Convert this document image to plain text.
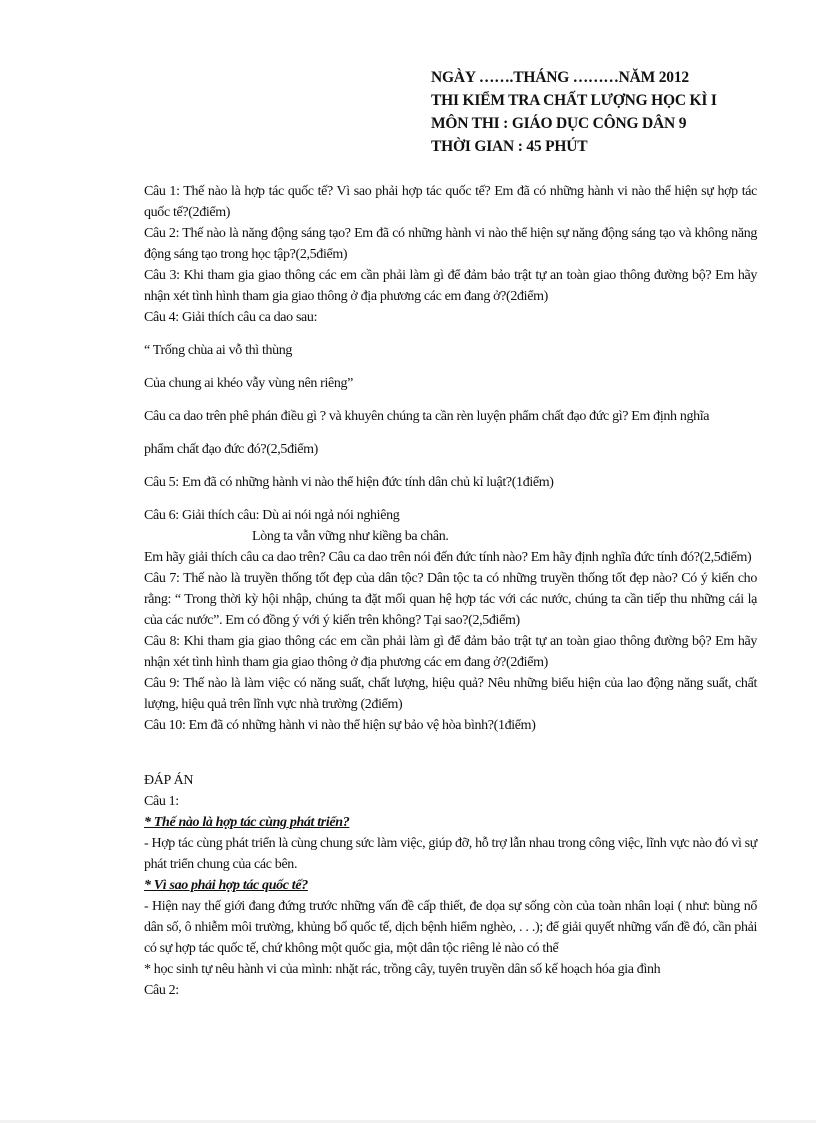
NGÀY …….THÁNG ………NĂM 2012
THI KIỂM TRA CHẤT LƯỢNG HỌC KÌ I
MÔN THI : GIÁO DỤC CÔNG DÂN 9
THỜI GIAN : 45 PHÚT

Câu 1: Thế nào là hợp tác quốc tế? Vì sao phải hợp tác quốc tế? Em đã có những hành vi nào thể hiện sự hợp tác quốc tế?(2điểm)

Câu 2: Thế nào là năng động sáng tạo? Em đã có những hành vi nào thể hiện sự năng động sáng tạo và không năng động sáng tạo trong học tập?(2,5điểm)

Câu 3: Khi tham gia giao thông các em cần phải làm gì để đảm bảo trật tự an toàn giao thông đường bộ? Em hãy nhận xét tình hình tham gia giao thông ở địa phương các em đang ở?(2điểm)

Câu 4: Giải thích câu ca dao sau:

“ Trống chùa ai vỗ thì thùng

Của chung ai khéo vẫy vùng nên riêng”

Câu ca dao trên phê phán điều gì ? và khuyên chúng ta cần rèn luyện phẩm chất đạo đức gì? Em định nghĩa

phẩm chất đạo đức đó?(2,5điểm)

Câu 5: Em đã có những hành vi nào thể hiện đức tính dân chủ kỉ luật?(1điểm)

Câu 6: Giải thích câu: Dù ai nói ngả nói nghiêng

Lòng ta vẫn vững như kiềng ba chân.

Em hãy giải thích câu ca dao trên? Câu ca dao trên nói đến đức tính nào? Em hãy định nghĩa đức tính đó?(2,5điểm)

Câu 7: Thế nào là truyền thống tốt đẹp của dân tộc? Dân tộc ta có những truyền thống tốt đẹp nào? Có ý kiến cho rằng: “ Trong thời kỳ hội nhập, chúng ta đặt mối quan hệ hợp tác với các nước, chúng ta cần tiếp thu những cái lạ của các nước”. Em có đồng ý với ý kiến trên không? Tại sao?(2,5điểm)

Câu 8: Khi tham gia giao thông các em cần phải làm gì để đảm bảo trật tự an toàn giao thông đường bộ? Em hãy nhận xét tình hình tham gia giao thông ở địa phương các em đang ở?(2điểm)

Câu 9: Thế nào là làm việc có năng suất, chất lượng, hiệu quả? Nêu những biểu hiện của lao động năng suất, chất lượng, hiệu quả trên lĩnh vực nhà trường (2điểm)

Câu 10: Em đã có những hành vi nào thể hiện sự bảo vệ hòa bình?(1điểm)

ĐÁP ÁN

Câu 1:

* Thế nào là hợp tác cùng phát triển?

- Hợp tác cùng phát triển là cùng chung sức làm việc, giúp đỡ, hỗ trợ lẫn nhau trong công việc, lĩnh vực nào đó vì sự phát triển chung của các bên.

* Vì sao phải hợp tác quốc tế?

- Hiện nay thế giới đang đứng trước những vấn đề cấp thiết, đe dọa sự sống còn của toàn nhân loại ( như: bùng nổ dân số, ô nhiễm môi trường, khủng bố quốc tế, dịch bệnh hiểm nghèo, . . .); để giải quyết những vấn đề đó, cần phải có sự hợp tác quốc tế, chứ không một quốc gia, một dân tộc riêng lẻ nào có thể

* học sinh tự nêu hành vi của mình: nhặt rác, trồng cây, tuyên truyền dân số kế hoạch hóa gia đình

Câu 2:
